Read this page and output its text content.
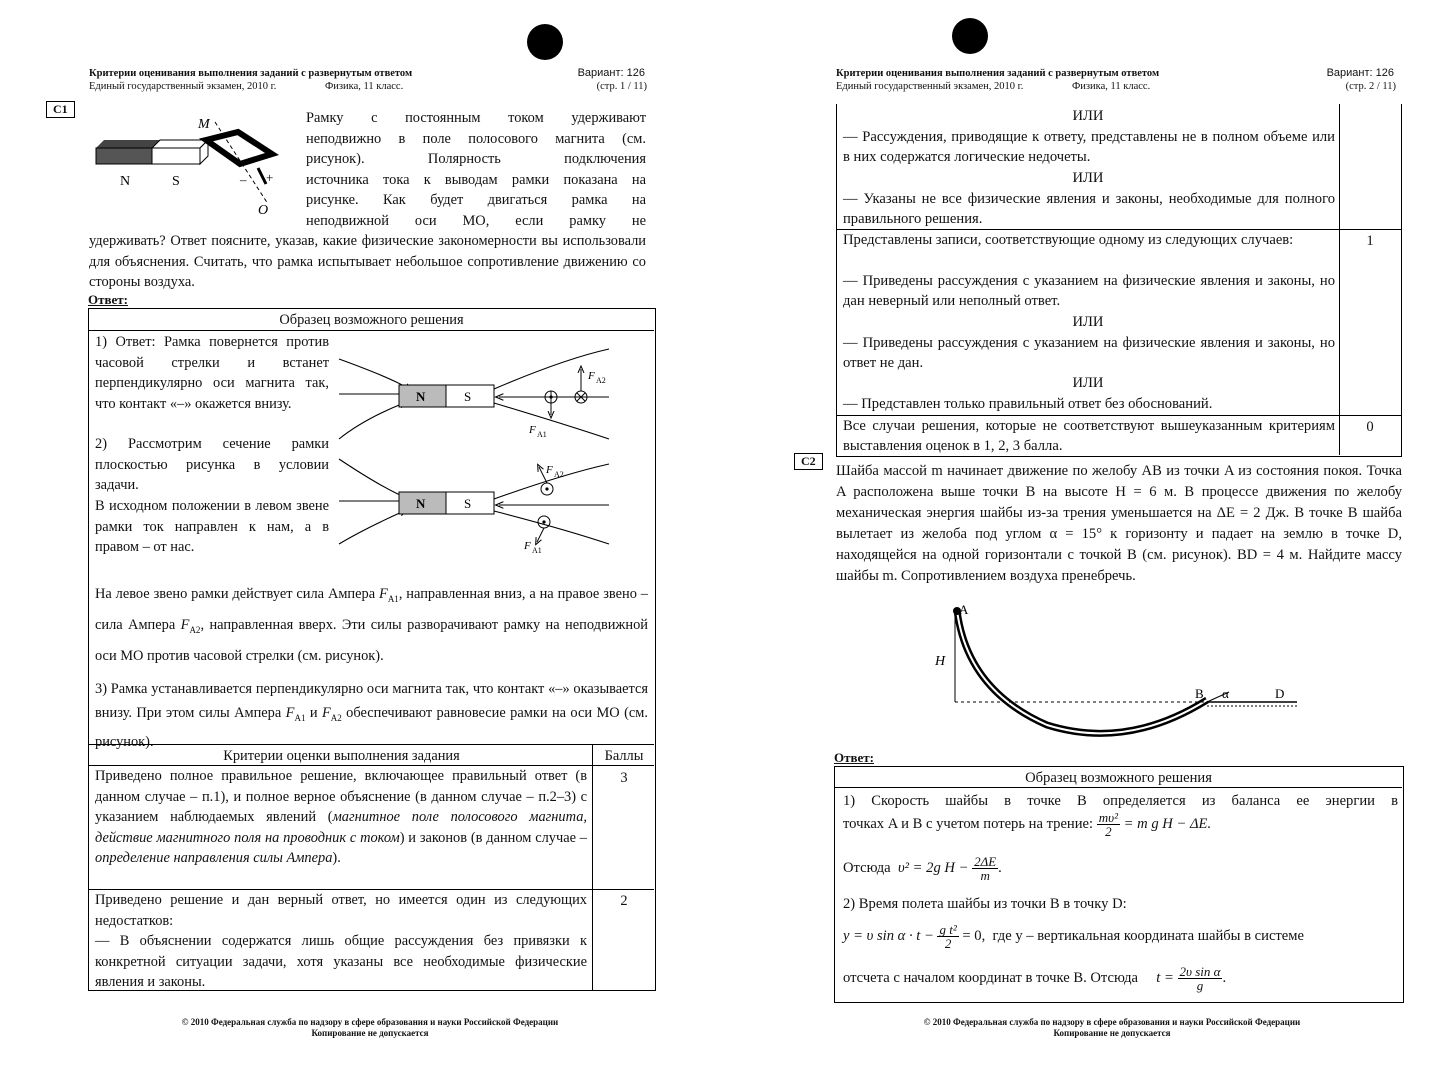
Критерии оценивания выполнения заданий с развернутым ответом
Единый государственный экзамен, 2010 г.	Физика, 11 класс.
Вариант: 126
(стр. 1 / 11)
C1
M
O
N	S	– +
Рамку с постоянным током удерживают
неподвижно в поле полосового магнита (см.
рисунок). Полярность подключения
источника тока к выводам рамки показана на
рисунке. Как будет двигаться рамка на
неподвижной оси МО, если рамку не
удерживать? Ответ поясните, указав, какие физические закономерности вы использовали для объяснения. Считать, что рамка испытывает небольшое сопротивление движению со стороны воздуха.
Ответ:
Образец возможного решения
1) Ответ: Рамка повернется против часовой стрелки и встанет перпендикулярно оси магнита так, что контакт «–» окажется внизу.
2) Рассмотрим сечение рамки плоскостью рисунка в условии задачи.
В исходном положении в левом звене рамки ток направлен к нам, а в правом – от нас.
N	S
N	S
F A1
F A2
F A2
F A1
На левое звено рамки действует сила Ампера $F_{A1}$, направленная вниз, а на правое звено – сила Ампера $F_{A2}$, направленная вверх. Эти силы разворачивают рамку на неподвижной оси МО против часовой стрелки (см. рисунок).
3) Рамка устанавливается перпендикулярно оси магнита так, что контакт «–» оказывается внизу. При этом силы Ампера $F_{A1}$ и $F_{A2}$ обеспечивают равновесие рамки на оси МО (см. рисунок).
Критерии оценки выполнения задания	Баллы
Приведено полное правильное решение, включающее правильный ответ (в данном случае – п.1), и полное верное объяснение (в данном случае – п.2–3) с указанием наблюдаемых явлений (магнитное поле полосового магнита, действие магнитного поля на проводник с током) и законов (в данном случае – определение направления силы Ампера).
3
Приведено решение и дан верный ответ, но имеется один из следующих недостатков:
— В объяснении содержатся лишь общие рассуждения без привязки к конкретной ситуации задачи, хотя указаны все необходимые физические явления и законы.
2
© 2010 Федеральная служба по надзору в сфере образования и науки Российской Федерации
Копирование не допускается
Критерии оценивания выполнения заданий с развернутым ответом
Единый государственный экзамен, 2010 г.	Физика, 11 класс.
Вариант: 126
(стр. 2 / 11)
ИЛИ
— Рассуждения, приводящие к ответу, представлены не в полном объеме или в них содержатся логические недочеты.
ИЛИ
— Указаны не все физические явления и законы, необходимые для полного правильного решения.
Представлены записи, соответствующие одному из следующих случаев:	1
— Приведены рассуждения с указанием на физические явления и законы, но дан неверный или неполный ответ.
ИЛИ
— Приведены рассуждения с указанием на физические явления и законы, но ответ не дан.
ИЛИ
— Представлен только правильный ответ без обоснований.
Все случаи решения, которые не соответствуют вышеуказанным критериям выставления оценок в 1, 2, 3 балла.
0
C2
Шайба массой m начинает движение по желобу AB из точки A из состояния покоя. Точка A расположена выше точки B на высоте H = 6 м. В процессе движения по желобу механическая энергия шайбы из-за трения уменьшается на ΔE = 2 Дж. В точке B шайба вылетает из желоба под углом α = 15° к горизонту и падает на землю в точке D, находящейся на одной горизонтали с точкой B (см. рисунок). BD = 4 м. Найдите массу шайбы m. Сопротивлением воздуха пренебречь.
A
H
B α	D
Ответ:
Образец возможного решения
1) Скорость шайбы в точке B определяется из баланса ее энергии в
точках A и B с учетом потерь на трение: $\frac{\text{mυ²}}{2} = m$ g H − ΔE.
Отсюда υ² = 2g $H - \frac{2\Delta E}{m}$ .
2) Время полета шайбы из точки B в точку D:
y = υ $\sin \alpha \cdot t - \frac{\text{g t²}}{2} = 0$, где y – вертикальная координата шайбы в системе
отсчета с началом координат в точке B. Отсюда $t = \frac{\text{2υ sin α}}{g}$ .
© 2010 Федеральная служба по надзору в сфере образования и науки Российской Федерации
Копирование не допускается
